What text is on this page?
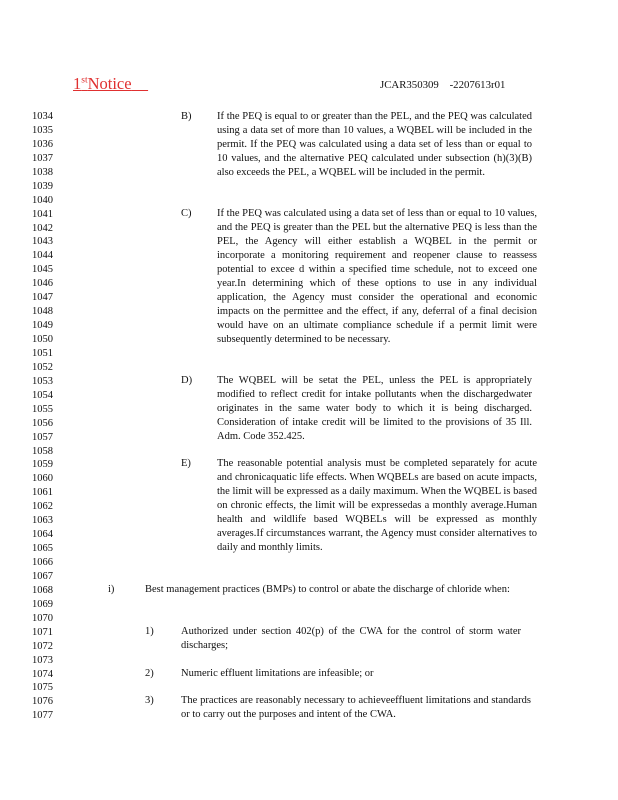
1stNotice	JCAR350309    -2207613r01
1034
1035
1036
1037
1038
1039
1040
1041
1042
1043
1044
1045
1046
1047
1048
1049
1050
1051
1052
1053
1054
1055
1056
1057
1058
1059
1060
1061
1062
1063
1064
1065
1066
1067
1068
1069
1070
1071
1072
1073
1074
1075
1076
1077
B) If the PEQ is equal to or greater than the PEL, and the PEQ was calculated using a data set of more than 10 values, a WQBEL will be included in the permit. If the PEQ was calculated using a data set of less than or equal to 10 values, and the alternative PEQ calculated under subsection (h)(3)(B) also exceeds the PEL, a WQBEL will be included in the permit.
C) If the PEQ was calculated using a data set of less than or equal to 10 values, and the PEQ is greater than the PEL but the alternative PEQ is less than the PEL, the Agency will either establish a WQBEL in the permit or incorporate a monitoring requirement and reopener clause to reassess potential to excee d within a specified time schedule, not to exceed one year.In determining which of these options to use in any individual application, the Agency must consider the operational and economic impacts on the permittee and the effect, if any, deferral of a final decision would have on an ultimate compliance schedule if a permit limit were subsequently determined to be necessary.
D) The WQBEL will be setat the PEL, unless the PEL is appropriately modified to reflect credit for intake pollutants when the dischargedwater originates in the same water body to which it is being discharged. Consideration of intake credit will be limited to the provisions of 35 Ill. Adm. Code 352.425.
E) The reasonable potential analysis must be completed separately for acute and chronicaquatic life effects. When WQBELs are based on acute impacts, the limit will be expressed as a daily maximum. When the WQBEL is based on chronic effects, the limit will be expressedas a monthly average.Human health and wildlife based WQBELs will be expressed as monthly averages.If circumstances warrant, the Agency must consider alternatives to daily and monthly limits.
i)	Best management practices (BMPs) to control or abate the discharge of chloride when:
1)	Authorized under section 402(p) of the CWA for the control of storm water discharges;
2)	Numeric effluent limitations are infeasible; or
3)	The practices are reasonably necessary to achieveeffluent limitations and standards or to carry out the purposes and intent of the CWA.
